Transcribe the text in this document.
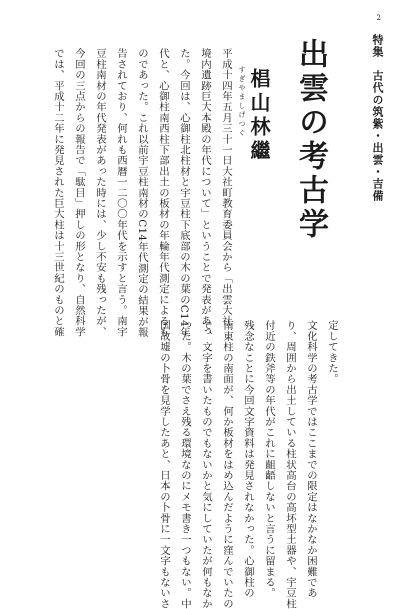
2
特集　古代の筑紫・出雲・吉備
出雲の考古学
すぎやましげつぐ 椙山林繼
平成十四年五月三十一日大社町教育委員会から「出雲大社
境内遺跡巨大本殿の年代について」ということで発表があっ
た。今回は、心御柱北柱材と宇豆柱下底部の木の葉のC14年
代と、心御柱南西柱下部出土の板材の年輪年代測定によるも
のであった。これ以前宇豆柱南材のC14年代測定の結果が報
告されており、何れも西暦一二〇〇年代を示すと言う。南宇
豆柱南材の年代発表があった時には、少し不安も残ったが、
今回の三点からの報告で「駄目」押しの形となり、自然科学
では、平成十二年に発見された巨大柱は十三世紀のものと確
定してきた。
文化科学の考古学ではここまでの限定はなかなか困難であ
り、周囲から出土している柱状高台の高坏型土器や、宇豆柱
付近の鉄斧等の年代がこれに齟齬しないと言うに留まる。
残念なことに今回文字資料は発見されなかった。心御柱の
南東柱の南面が、何か板材をはめ込んだように窪んでいたの
で、文字を書いたものでもないかと気にしていたが何もなか
った。木の葉でさえ残る環境なのにメモ書き一つもない。中
国故墟の卜骨を見学したあと、日本の卜骨に一文字もないさ
